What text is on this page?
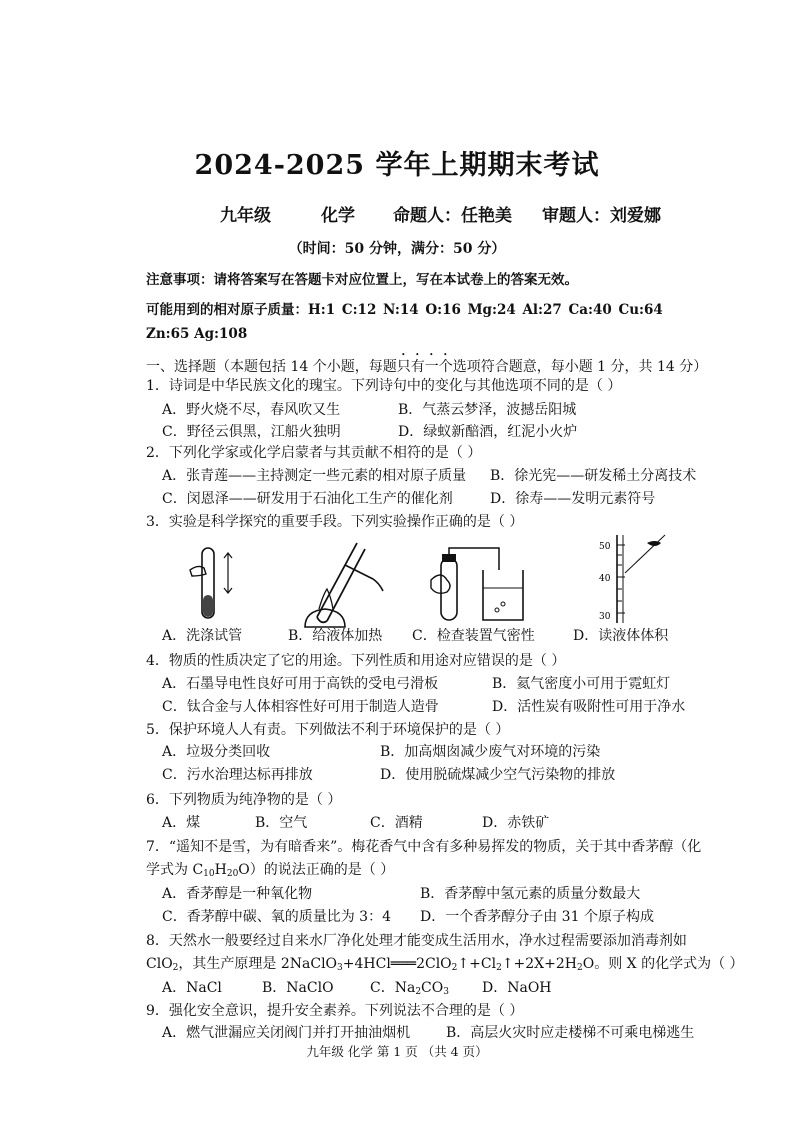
2024-2025 学年上期期末考试
九年级	化学 命题人：任艳美 审题人：刘爱娜
（时间：50 分钟，满分：50 分）
注意事项：请将答案写在答题卡对应位置上，写在本试卷上的答案无效。
可能用到的相对原子质量：H:1 C:12 N:14 O:16 Mg:24 Al:27 Ca:40 Cu:64
Zn:65 Ag:108
一、选择题（本题包括 14 个小题，每题只有一个选项符合题意，每小题 1 分，共 14 分）
1．诗词是中华民族文化的瑰宝。下列诗句中的变化与其他选项不同的是（ ）
A．野火烧不尽，春风吹又生	B．气蒸云梦泽，波撼岳阳城
C．野径云俱黑，江船火独明	D．绿蚁新醅酒，红泥小火炉
2．下列化学家或化学启蒙者与其贡献不相符的是（ ）
A．张青莲——主持测定一些元素的相对原子质量 B．徐光宪——研发稀土分离技术
C．闵恩泽——研发用于石油化工生产的催化剂	D．徐寿——发明元素符号
3．实验是科学探究的重要手段。下列实验操作正确的是（ ）
50
40
30
A．洗涤试管	B．给液体加热 C．检查装置气密性	D．读液体体积
4．物质的性质决定了它的用途。下列性质和用途对应错误的是（ ）
A．石墨导电性良好可用于高铁的受电弓滑板	B．氦气密度小可用于霓虹灯
C．钛合金与人体相容性好可用于制造人造骨	D．活性炭有吸附性可用于净水
5．保护环境人人有责。下列做法不利于环境保护的是（ ）
A．垃圾分类回收	B．加高烟囱减少废气对环境的污染
C．污水治理达标再排放	D．使用脱硫煤减少空气污染物的排放
6．下列物质为纯净物的是（ ）
A．煤	B．空气	C．酒精	D．赤铁矿
7．“遥知不是雪，为有暗香来”。梅花香气中含有多种易挥发的物质，关于其中香茅醇（化
学式为 C10H20O）的说法正确的是（ ）
A．香茅醇是一种氧化物	B．香茅醇中氢元素的质量分数最大
C．香茅醇中碳、氧的质量比为 3：4 D．一个香茅醇分子由 31 个原子构成
8．天然水一般要经过自来水厂净化处理才能变成生活用水，净水过程需要添加消毒剂如
ClO2，其生产原理是 2NaClO3+4HCl═══2ClO2↑+Cl2↑+2X+2H2O。则 X 的化学式为（ ）
A．NaCl	B．NaClO	C．Na2CO3 D．NaOH
9．强化安全意识，提升安全素养。下列说法不合理的是（ ）
A．燃气泄漏应关闭阀门并打开抽油烟机	B．高层火灾时应走楼梯不可乘电梯逃生
九年级 化学 第 1 页 （共 4 页）
